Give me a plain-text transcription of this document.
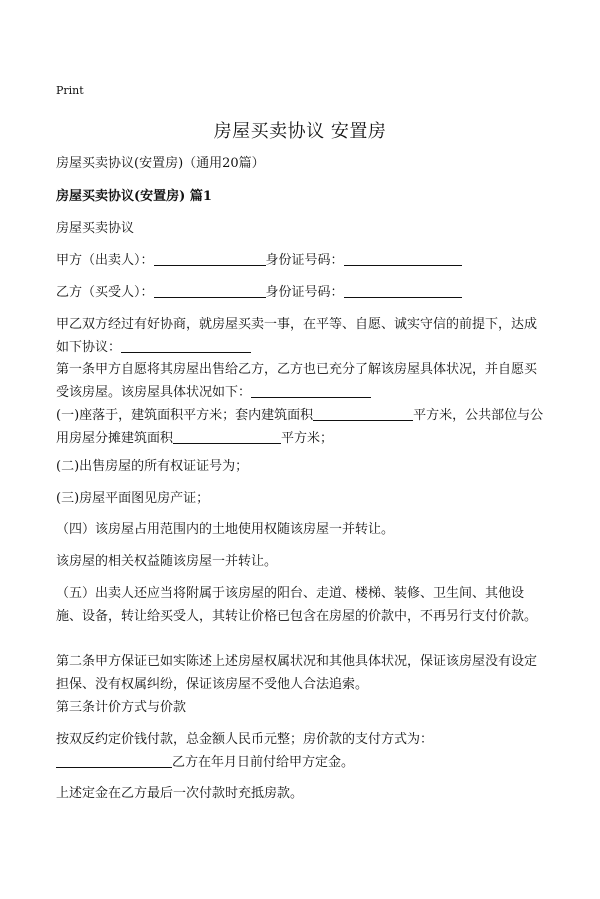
Print
房屋买卖协议 安置房
房屋买卖协议(安置房)（通用20篇）
房屋买卖协议(安置房) 篇1
房屋买卖协议
甲方（出卖人）：	身份证号码：
乙方（买受人）：	身份证号码：
甲乙双方经过有好协商，就房屋买卖一事，在平等、自愿、诚实守信的前提下，达成如下协议：
第一条甲方自愿将其房屋出售给乙方，乙方也已充分了解该房屋具体状况，并自愿买受该房屋。该房屋具体状况如下：
(一)座落于，建筑面积平方米；套内建筑面积	平方米，公共部位与公用房屋分摊建筑面积	平方米；
(二)出售房屋的所有权证证号为；
(三)房屋平面图见房产证；
（四）该房屋占用范围内的土地使用权随该房屋一并转让。
该房屋的相关权益随该房屋一并转让。
（五）出卖人还应当将附属于该房屋的阳台、走道、楼梯、装修、卫生间、其他设施、设备，转让给买受人，其转让价格已包含在房屋的价款中，不再另行支付价款。
第二条甲方保证已如实陈述上述房屋权属状况和其他具体状况，保证该房屋没有设定担保、没有权属纠纷，保证该房屋不受他人合法追索。
第三条计价方式与价款
按双反约定价钱付款，总金额人民币元整；房价款的支付方式为：
乙方在年月日前付给甲方定金。
上述定金在乙方最后一次付款时充抵房款。
